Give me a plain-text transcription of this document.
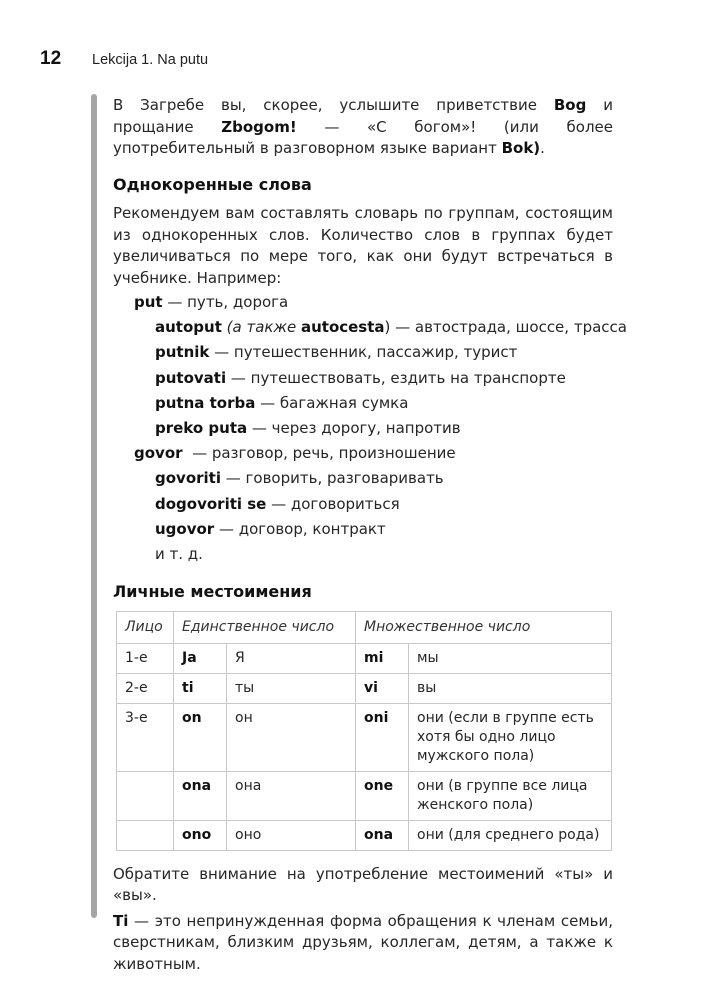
12	Lekcija 1. Na putu

В Загребе вы, скорее, услышите приветствие Bog и прощание Zbogom! — «С богом»! (или более употребительный в разговорном языке вариант Bok).

Однокоренные слова

Рекомендуем вам составлять словарь по группам, состоящим из однокоренных слов. Количество слов в группах будет увеличиваться по мере того, как они будут встречаться в учебнике. Например:

put — путь, дорога
autoput (а также autocesta) — автострада, шоссе, трасса
putnik — путешественник, пассажир, турист
putovati — путешествовать, ездить на транспорте
putna torba — багажная сумка
preko puta — через дорогу, напротив
govor  — разговор, речь, произношение
govoriti — говорить, разговаривать
dogovoriti se — договориться
ugovor — договор, контракт
и т. д.
Личные местоимения
Лицо	Единственное число		Множественное число	
1-е	Ja	Я	mi	мы
2-е	ti	ты	vi	вы
3-е	on	он	oni	они (если в группе есть хотя бы одно лицо мужского пола)
	ona	она	one	они (в группе все лица женского пола)
	ono	оно	ona	они (для среднего рода)

Обратите внимание на употребление местоимений «ты» и «вы».

Ti — это непринужденная форма обращения к членам семьи, сверстникам, близким друзьям, коллегам, детям, а также к животным.
